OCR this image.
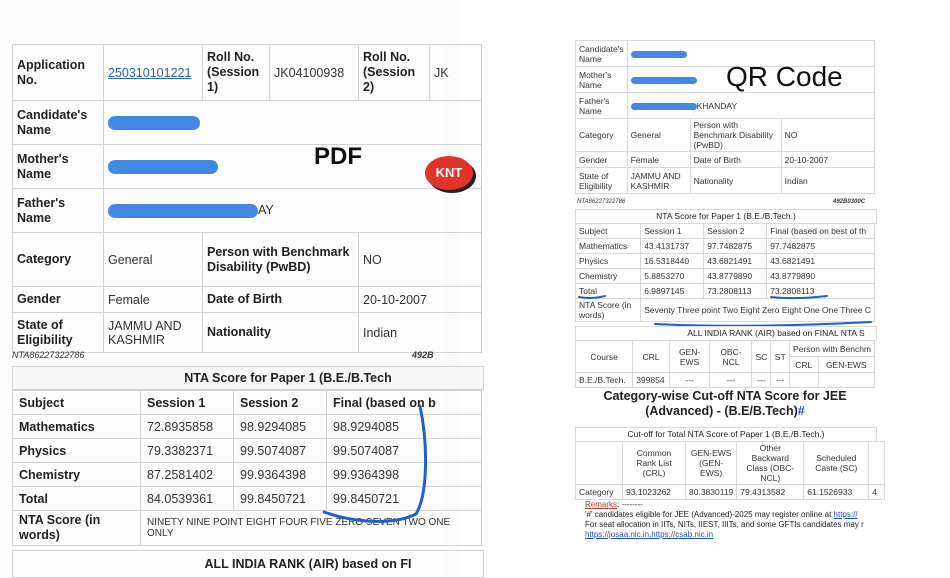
Application No.	250310101221	Roll No. (Session 1)	JK04100938	Roll No. (Session 2)	JK
Candidate's Name					
Mother's Name					
Father's Name	AY				
Category	General	Person with Benchmark Disability (PwBD)		NO	
Gender	Female	Date of Birth		20-10-2007	
State of Eligibility	JAMMU AND KASHMIR	Nationality		Indian	
NTA86227322786	492B
NTA Score for Paper 1 (B.E./B.Tech
Subject	Session 1	Session 2	Final (based on b
Mathematics	72.8935858	98.9294085	98.9294085
Physics	79.3382371	99.5074087	99.5074087
Chemistry	87.2581402	99.9364398	99.9364398
Total	84.0539361	99.8450721	99.8450721
NTA Score (in words)	NINETY NINE POINT EIGHT FOUR FIVE ZERO SEVEN TWO ONE ONLY		
ALL INDIA RANK (AIR) based on FI
PDF
KNT
Candidate's Name			
Mother's Name			
Father's Name	KHANDAY		
Category	General	Person with Benchmark Disability (PwBD)	NO
Gender	Female	Date of Birth	20-10-2007
State of Eligibility	JAMMU AND KASHMIR	Nationality	Indian
NTA86227322786	492B0300C
NTA Score for Paper 1 (B.E./B.Tech.)
Subject	Session 1	Session 2	Final (based on best of th
Mathematics	43.4131737	97.7482875	97.7482875
Physics	16.5318440	43.6821491	43.6821491
Chemistry	5.8853270	43.8779890	43.8779890
Total	6.9897145	73.2808113	73.2808113
NTA Score (in words)	Seventy Three point Two Eight Zero Eight One One Three C		
ALL INDIA RANK (AIR) based on FINAL NTA S
Course	CRL	GEN-EWS	OBC-NCL	SC	ST	Person with Benchm	
						CRL	GEN-EWS
B.E./B.Tech.	399854	---	---	---	---		
Category-wise Cut-off NTA Score for JEE (Advanced) - (B.E/B.Tech)#
Cut-off for Total NTA Score of Paper 1 (B.E./B.Tech.)
	Common Rank List (CRL)	GEN-EWS (GEN-EWS)	Other Backward Class (OBC-NCL)	Scheduled Caste (SC)	
Category	93.1023262	80.3830119	79.4313582	61.1526933	4
Remarks: --------
'#' candidates eligible for JEE (Advanced)-2025 may register online at https://
For seat allocation in IITs, NITs, IIEST, IIITs, and some GFTIs candidates may r
https://josaa.nic.in,https://csab.nic.in
QR Code
